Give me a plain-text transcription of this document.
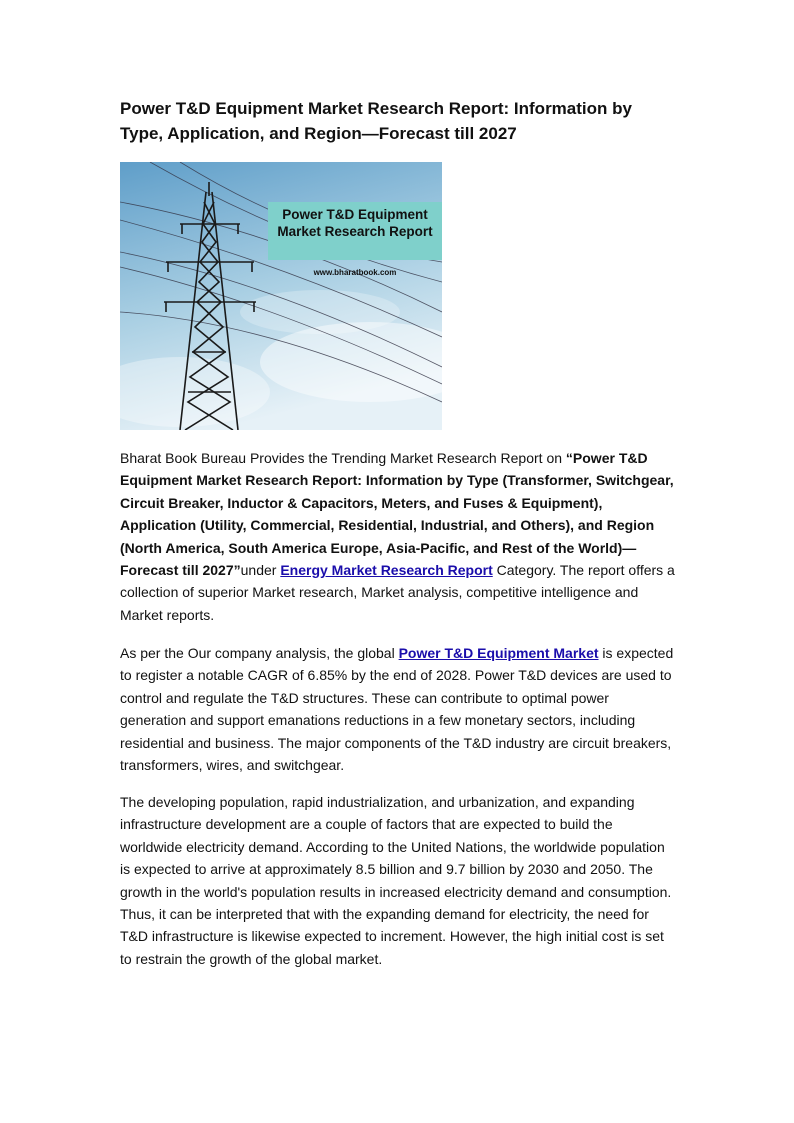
Power T&D Equipment Market Research Report: Information by Type, Application, and Region—Forecast till 2027
Power T&D Equipment Market Research Report
www.bharatbook.com

Bharat Book Bureau Provides the Trending Market Research Report on “Power T&D Equipment Market Research Report: Information by Type (Transformer, Switchgear, Circuit Breaker, Inductor & Capacitors, Meters, and Fuses & Equipment), Application (Utility, Commercial, Residential, Industrial, and Others), and Region (North America, South America Europe, Asia-Pacific, and Rest of the World)—Forecast till 2027”under Energy Market Research Report Category. The report offers a collection of superior Market research, Market analysis, competitive intelligence and Market reports.

As per the Our company analysis, the global Power T&D Equipment Market is expected to register a notable CAGR of 6.85% by the end of 2028. Power T&D devices are used to control and regulate the T&D structures. These can contribute to optimal power generation and support emanations reductions in a few monetary sectors, including residential and business. The major components of the T&D industry are circuit breakers, transformers, wires, and switchgear.

The developing population, rapid industrialization, and urbanization, and expanding infrastructure development are a couple of factors that are expected to build the worldwide electricity demand. According to the United Nations, the worldwide population is expected to arrive at approximately 8.5 billion and 9.7 billion by 2030 and 2050. The growth in the world's population results in increased electricity demand and consumption. Thus, it can be interpreted that with the expanding demand for electricity, the need for T&D infrastructure is likewise expected to increment. However, the high initial cost is set to restrain the growth of the global market.
